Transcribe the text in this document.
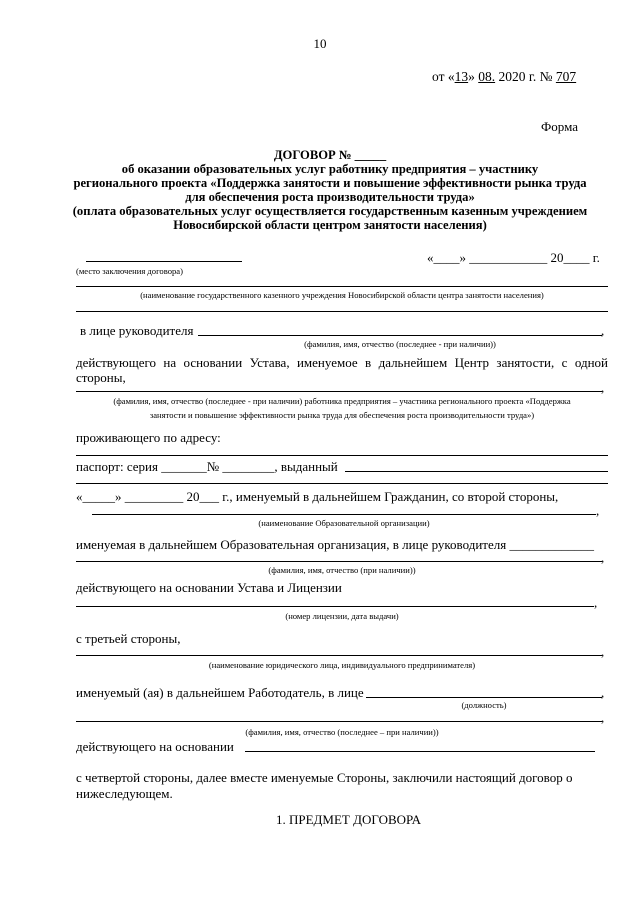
10
от «13» 08. 2020 г. № 707
Форма
ДОГОВОР № _____
об оказании образовательных услуг работнику предприятия – участнику
регионального проекта «Поддержка занятости и повышение эффективности рынка труда
для обеспечения роста производительности труда»
(оплата образовательных услуг осуществляется государственным казенным учреждением
Новосибирской области центром занятости населения)
«____» ____________ 20____ г.
(место заключения договора)
(наименование государственного казенного учреждения Новосибирской области центра занятости населения)
в лице руководителя	,
(фамилия, имя, отчество (последнее - при наличии))
действующего на основании Устава, именуемое в дальнейшем Центр занятости, с одной
стороны,
,
(фамилия, имя, отчество (последнее - при наличии) работника предприятия – участника регионального проекта «Поддержка
занятости и повышение эффективности рынка труда для обеспечения роста производительности труда»)
проживающего по адресу:
паспорт: серия _______№ ________, выданный
«_____» _________ 20___ г., именуемый в дальнейшем Гражданин, со второй стороны,
,
(наименование Образовательной организации)
именуемая в дальнейшем Образовательная организация, в лице руководителя _____________
,
(фамилия, имя, отчество (при наличии))
действующего на основании Устава и Лицензии
,
(номер лицензии, дата выдачи)
с третьей стороны,
,
(наименование юридического лица, индивидуального предпринимателя)
именуемый (ая) в дальнейшем Работодатель, в лице	,
(должность)
,
(фамилия, имя, отчество (последнее – при наличии))
действующего на основании
с четвертой стороны, далее вместе именуемые Стороны, заключили настоящий договор о
нижеследующем.
1. ПРЕДМЕТ ДОГОВОРА
